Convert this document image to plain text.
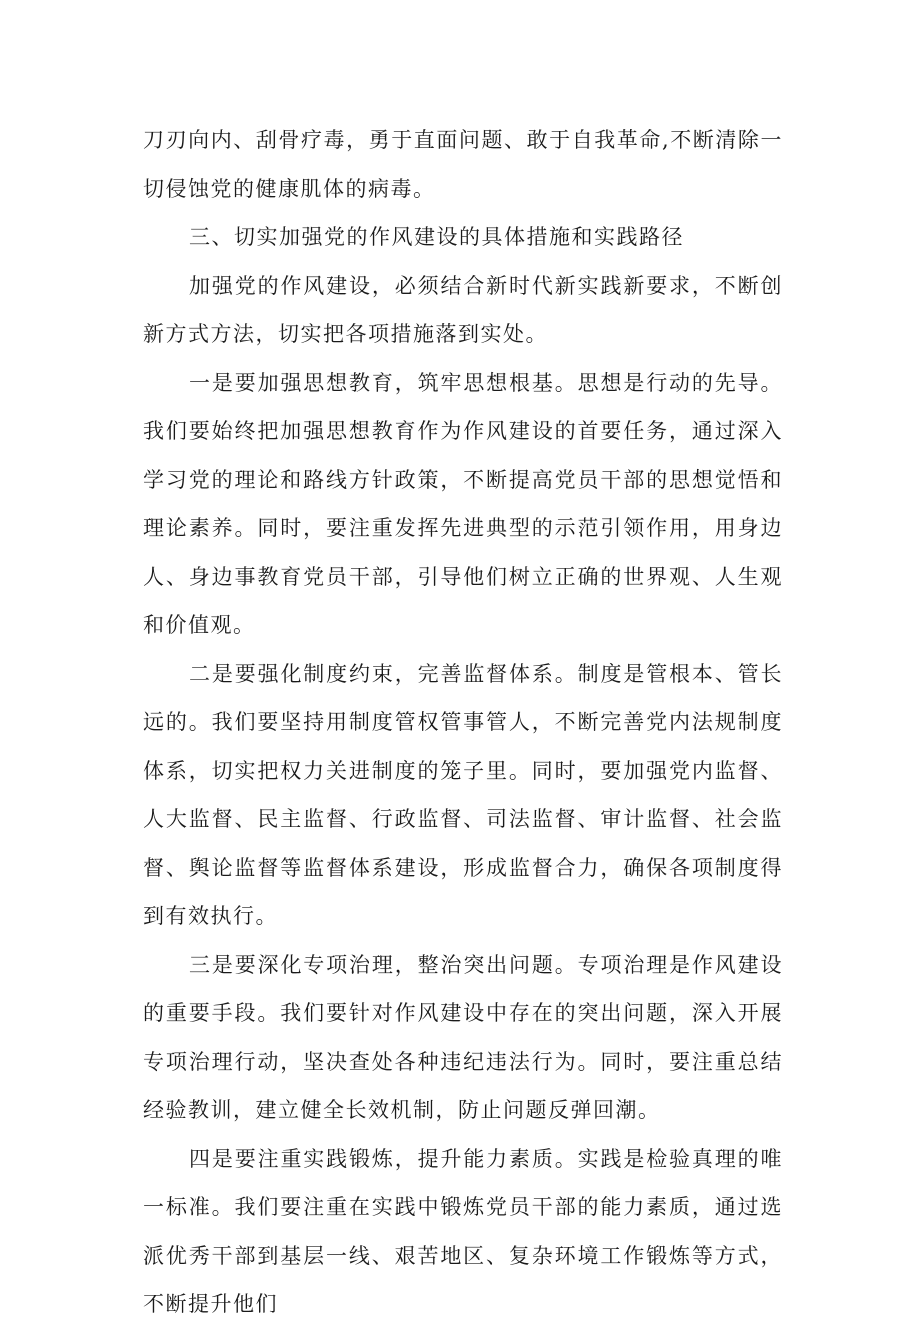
刀刃向内、刮骨疗毒，勇于直面问题、敢于自我革命,不断清除一切侵蚀党的健康肌体的病毒。

三、切实加强党的作风建设的具体措施和实践路径

加强党的作风建设，必须结合新时代新实践新要求，不断创新方式方法，切实把各项措施落到实处。

一是要加强思想教育，筑牢思想根基。思想是行动的先导。我们要始终把加强思想教育作为作风建设的首要任务，通过深入学习党的理论和路线方针政策，不断提高党员干部的思想觉悟和理论素养。同时，要注重发挥先进典型的示范引领作用，用身边人、身边事教育党员干部，引导他们树立正确的世界观、人生观和价值观。

二是要强化制度约束，完善监督体系。制度是管根本、管长远的。我们要坚持用制度管权管事管人，不断完善党内法规制度体系，切实把权力关进制度的笼子里。同时，要加强党内监督、人大监督、民主监督、行政监督、司法监督、审计监督、社会监督、舆论监督等监督体系建设，形成监督合力，确保各项制度得到有效执行。

三是要深化专项治理，整治突出问题。专项治理是作风建设的重要手段。我们要针对作风建设中存在的突出问题，深入开展专项治理行动，坚决查处各种违纪违法行为。同时，要注重总结经验教训，建立健全长效机制，防止问题反弹回潮。

四是要注重实践锻炼，提升能力素质。实践是检验真理的唯一标准。我们要注重在实践中锻炼党员干部的能力素质，通过选派优秀干部到基层一线、艰苦地区、复杂环境工作锻炼等方式，不断提升他们
